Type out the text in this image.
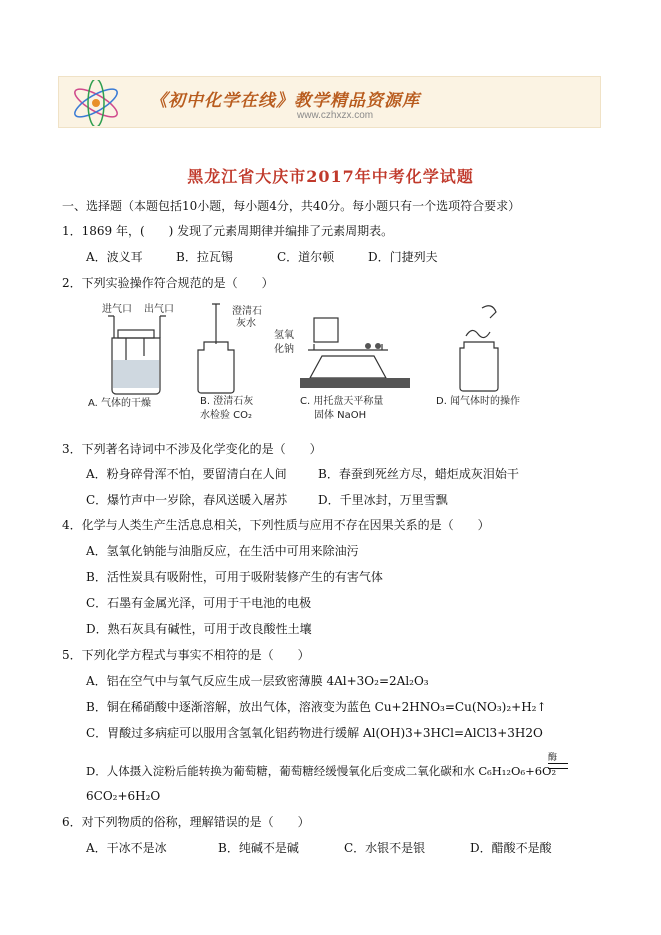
《初中化学在线》教学精品资源库
www.czhxzx.com
黑龙江省大庆市2017年中考化学试题
一、选择题（本题包括10小题，每小题4分，共40分。每小题只有一个选项符合要求）
1．1869 年，(　　) 发现了元素周期律并编排了元素周期表。
A．波义耳	B．拉瓦锡	C．道尔顿	D．门捷列夫
2．下列实验操作符合规范的是（　　）
进气口 出气口
A. 气体的干燥
澄清石
灰水
B. 澄清石灰
水检验 CO₂
氢氧
化钠
C. 用托盘天平称量
固体 NaOH
D. 闻气体时的操作
3．下列著名诗词中不涉及化学变化的是（　　）
A．粉身碎骨浑不怕，要留清白在人间	B．春蚕到死丝方尽，蜡炬成灰泪始干
C．爆竹声中一岁除，春风送暖入屠苏	D．千里冰封，万里雪飘
4．化学与人类生产生活息息相关，下列性质与应用不存在因果关系的是（　　）
A．氢氧化钠能与油脂反应，在生活中可用来除油污
B．活性炭具有吸附性，可用于吸附装修产生的有害气体
C．石墨有金属光泽，可用于干电池的电极
D．熟石灰具有碱性，可用于改良酸性土壤
5．下列化学方程式与事实不相符的是（　　）
A．铝在空气中与氧气反应生成一层致密薄膜 4Al+3O₂=2Al₂O₃
B．铜在稀硝酸中逐渐溶解，放出气体，溶液变为蓝色 Cu+2HNO₃=Cu(NO₃)₂+H₂↑
C．胃酸过多病症可以服用含氢氧化铝药物进行缓解 Al(OH)3+3HCl=AlCl3+3H2O
酶
D．人体摄入淀粉后能转换为葡萄糖，葡萄糖经缓慢氧化后变成二氧化碳和水 C₆H₁₂O₆+6O₂
6CO₂+6H₂O
6．对下列物质的俗称，理解错误的是（　　）
A．干冰不是冰	B．纯碱不是碱	C．水银不是银	D．醋酸不是酸
